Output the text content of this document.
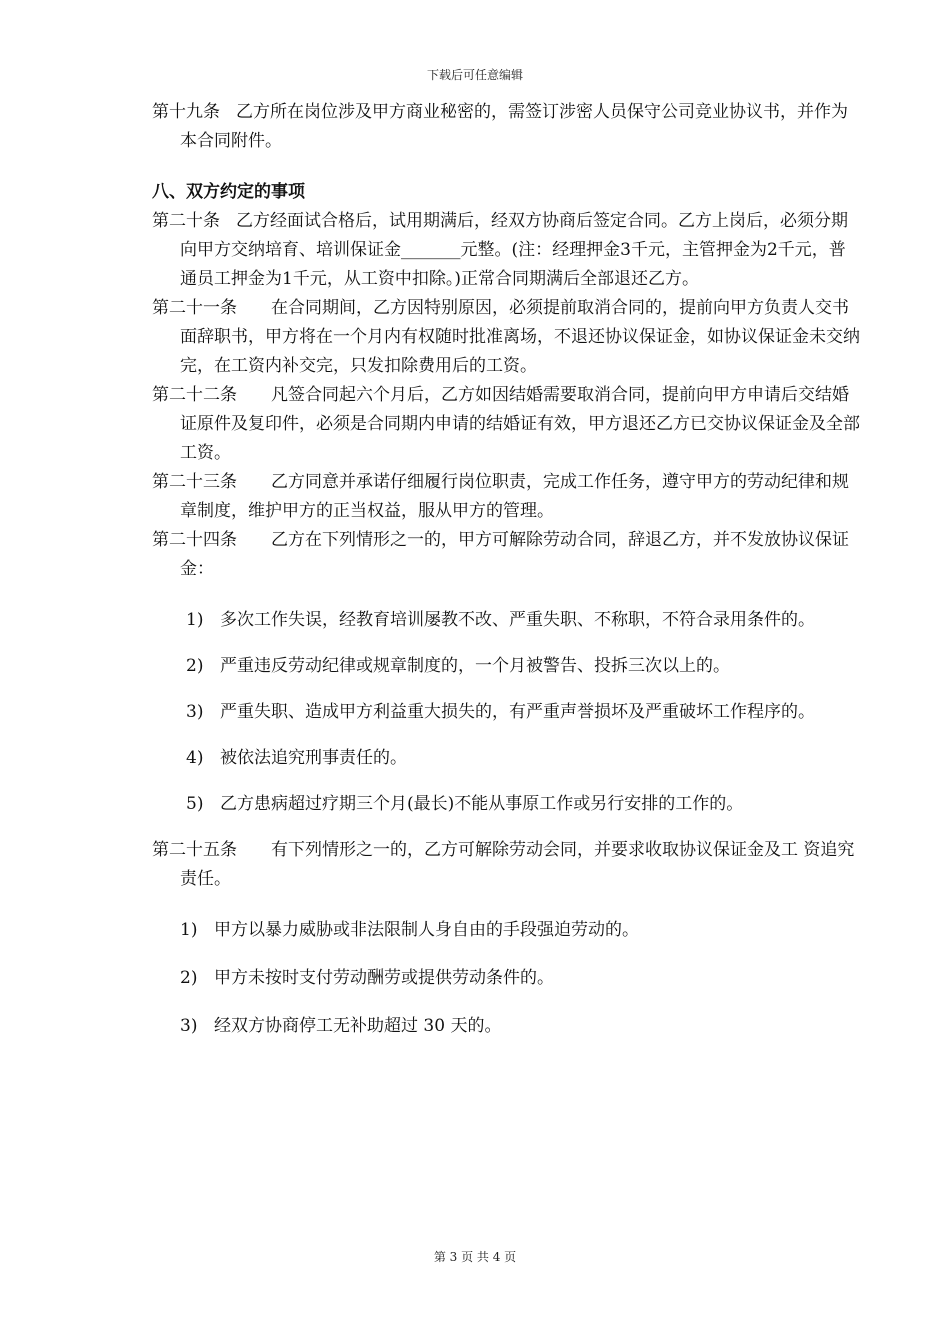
下载后可任意编辑

第十九条 乙方所在岗位涉及甲方商业秘密的，需签订涉密人员保守公司竞业协议书，并作为本合同附件。

八、双方约定的事项

第二十条 乙方经面试合格后，试用期满后，经双方协商后签定合同。乙方上岗后，必须分期向甲方交纳培育、培训保证金_______元整。(注：经理押金3千元，主管押金为2千元，普通员工押金为1千元，从工资中扣除。)正常合同期满后全部退还乙方。

第二十一条 在合同期间，乙方因特别原因，必须提前取消合同的，提前向甲方负责人交书面辞职书，甲方将在一个月内有权随时批准离场，不退还协议保证金，如协议保证金未交纳完，在工资内补交完，只发扣除费用后的工资。

第二十二条 凡签合同起六个月后，乙方如因结婚需要取消合同，提前向甲方申请后交结婚证原件及复印件，必须是合同期内申请的结婚证有效，甲方退还乙方已交协议保证金及全部工资。

第二十三条 乙方同意并承诺仔细履行岗位职责，完成工作任务，遵守甲方的劳动纪律和规章制度，维护甲方的正当权益，服从甲方的管理。

第二十四条 乙方在下列情形之一的，甲方可解除劳动合同，辞退乙方，并不发放协议保证金：

1) 多次工作失误，经教育培训屡教不改、严重失职、不称职，不符合录用条件的。
2) 严重违反劳动纪律或规章制度的，一个月被警告、投拆三次以上的。
3) 严重失职、造成甲方利益重大损失的，有严重声誉损坏及严重破坏工作程序的。
4) 被依法追究刑事责任的。
5) 乙方患病超过疗期三个月(最长)不能从事原工作或另行安排的工作的。

第二十五条 有下列情形之一的，乙方可解除劳动会同，并要求收取协议保证金及工 资追究责任。

1) 甲方以暴力威胁或非法限制人身自由的手段强迫劳动的。
2) 甲方未按时支付劳动酬劳或提供劳动条件的。
3) 经双方协商停工无补助超过 30 天的。
第 3 页 共 4 页
